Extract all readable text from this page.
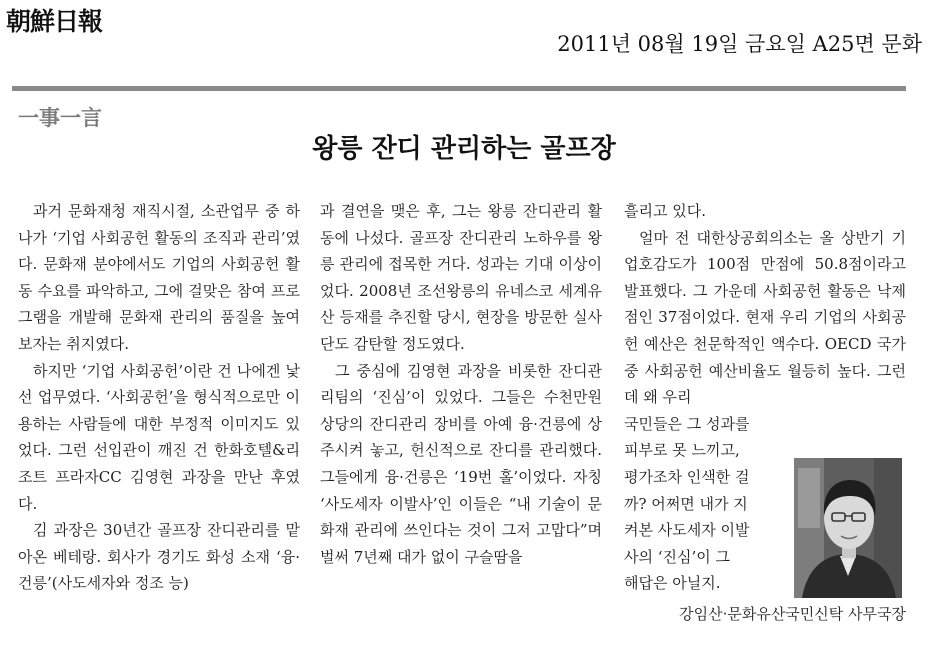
朝鮮日報
2011년 08월 19일 금요일 A25면 문화
一事一言
왕릉 잔디 관리하는 골프장

과거 문화재청 재직시절, 소관업무 중 하나가 ‘기업 사회공헌 활동의 조직과 관리’였다. 문화재 분야에서도 기업의 사회공헌 활동 수요를 파악하고, 그에 걸맞은 참여 프로그램을 개발해 문화재 관리의 품질을 높여보자는 취지였다.

하지만 ‘기업 사회공헌’이란 건 나에겐 낯선 업무였다. ‘사회공헌’을 형식적으로만 이용하는 사람들에 대한 부정적 이미지도 있었다. 그런 선입관이 깨진 건 한화호텔&리조트 프라자CC 김영현 과장을 만난 후였다.

김 과장은 30년간 골프장 잔디관리를 맡아온 베테랑. 회사가 경기도 화성 소재 ‘융·건릉’(사도세자와 정조 능)

과 결연을 맺은 후, 그는 왕릉 잔디관리 활동에 나섰다. 골프장 잔디관리 노하우를 왕릉 관리에 접목한 거다. 성과는 기대 이상이었다. 2008년 조선왕릉의 유네스코 세계유산 등재를 추진할 당시, 현장을 방문한 실사단도 감탄할 정도였다.

그 중심에 김영현 과장을 비롯한 잔디관리팀의 ‘진심’이 있었다. 그들은 수천만원 상당의 잔디관리 장비를 아예 융·건릉에 상주시켜 놓고, 헌신적으로 잔디를 관리했다. 그들에게 융·건릉은 ‘19번 홀’이었다. 자칭 ‘사도세자 이발사’인 이들은 “내 기술이 문화재 관리에 쓰인다는 것이 그저 고맙다”며 벌써 7년째 대가 없이 구슬땀을

흘리고 있다.

얼마 전 대한상공회의소는 올 상반기 기업호감도가 100점 만점에 50.8점이라고 발표했다. 그 가운데 사회공헌 활동은 낙제점인 37점이었다. 현재 우리 기업의 사회공헌 예산은 천문학적인 액수다. OECD 국가 중 사회공헌 예산비율도 월등히 높다. 그런데 왜 우리

국민들은 그 성과를
피부로 못 느끼고,
평가조차 인색한 걸
까? 어쩌면 내가 지
켜본 사도세자 이발
사의 ‘진심’이 그
해답은 아닐지.
강임산·문화유산국민신탁 사무국장
